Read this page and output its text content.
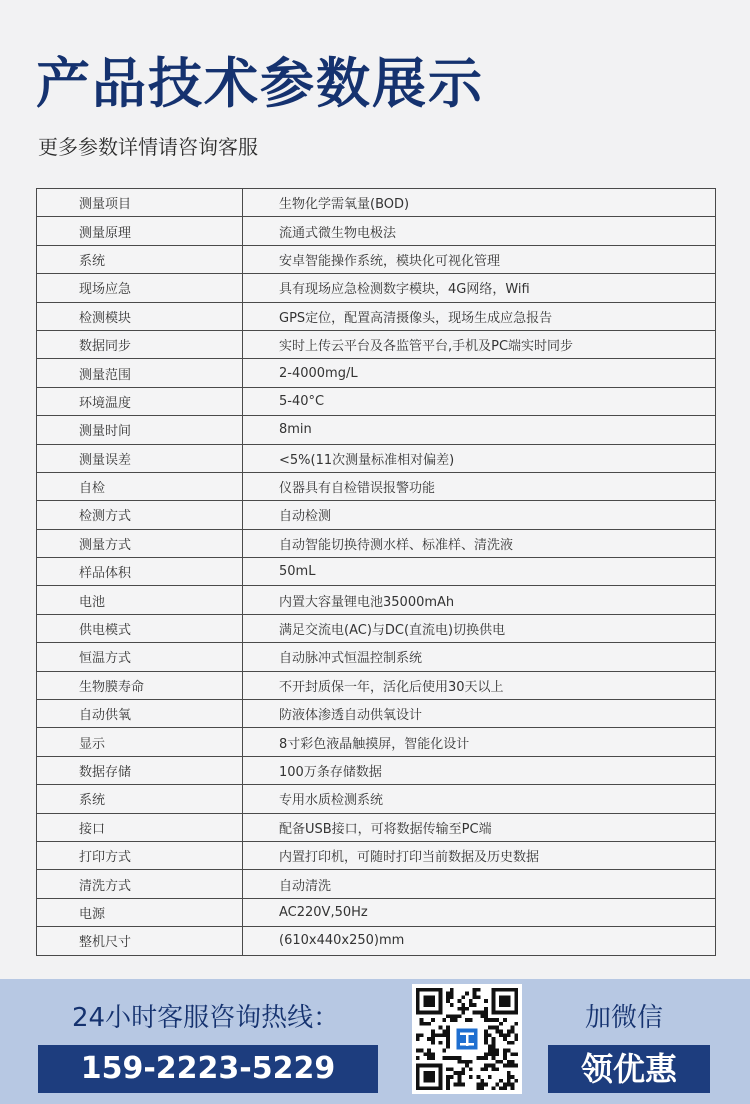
产品技术参数展示
更多参数详情请咨询客服
测量项目	生物化学需氧量(BOD)
测量原理	流通式微生物电极法
系统	安卓智能操作系统，模块化可视化管理
现场应急	具有现场应急检测数字模块，4G网络，Wifi
检测模块	GPS定位，配置高清摄像头，现场生成应急报告
数据同步	实时上传云平台及各监管平台,手机及PC端实时同步
测量范围	2-4000mg/L
环境温度	5-40°C
测量时间	8min
测量误差	<5%(11次测量标准相对偏差)
自检	仪器具有自检错误报警功能
检测方式	自动检测
测量方式	自动智能切换待测水样、标准样、清洗液
样品体积	50mL
电池	内置大容量锂电池35000mAh
供电模式	满足交流电(AC)与DC(直流电)切换供电
恒温方式	自动脉冲式恒温控制系统
生物膜寿命	不开封质保一年，活化后使用30天以上
自动供氧	防液体渗透自动供氧设计
显示	8寸彩色液晶触摸屏，智能化设计
数据存储	100万条存储数据
系统	专用水质检测系统
接口	配备USB接口，可将数据传输至PC端
打印方式	内置打印机，可随时打印当前数据及历史数据
清洗方式	自动清洗
电源	AC220V,50Hz
整机尺寸	(610x440x250)mm
24小时客服咨询热线：
159-2223-5229
加微信
领优惠
